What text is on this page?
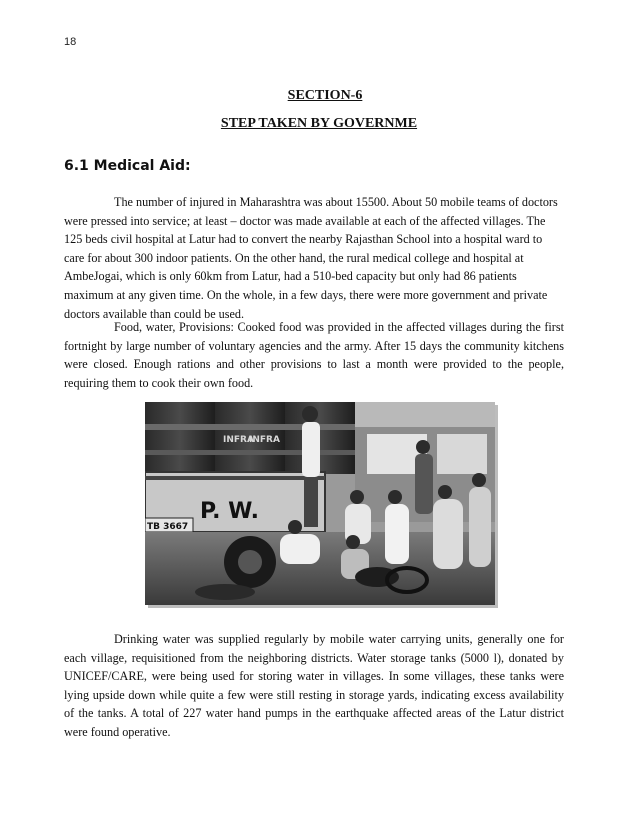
18
SECTION-6
STEP TAKEN BY GOVERNME
6.1 Medical Aid:

The number of injured in Maharashtra was about 15500. About 50 mobile teams of doctors were pressed into service; at least – doctor was made available at each of the affected villages. The 125 beds civil hospital at Latur had to convert the nearby Rajasthan School into a hospital ward to care for about 300 indoor patients. On the other hand, the rural medical college and hospital at AmbeJogai, which is only 60km from Latur, had a 510-bed capacity but only had 86 patients maximum at any given time. On the whole, in a few days, there were more government and private doctors available than could be used.

Food, water, Provisions: Cooked food was provided in the affected villages during the first fortnight by large number of voluntary agencies and the army. After 15 days the community kitchens were closed. Enough rations and other provisions to last a month were provided to the people, requiring them to cook their own food.

INFRA
INFRA
P. W.
TB 3667

Drinking water was supplied regularly by mobile water carrying units, generally one for each village, requisitioned from the neighboring districts. Water storage tanks (5000 l), donated by UNICEF/CARE, were being used for storing water in villages. In some villages, these tanks were lying upside down while quite a few were still resting in storage yards, indicating excess availability of the tanks. A total of 227 water hand pumps in the earthquake affected areas of the Latur district were found operative.
